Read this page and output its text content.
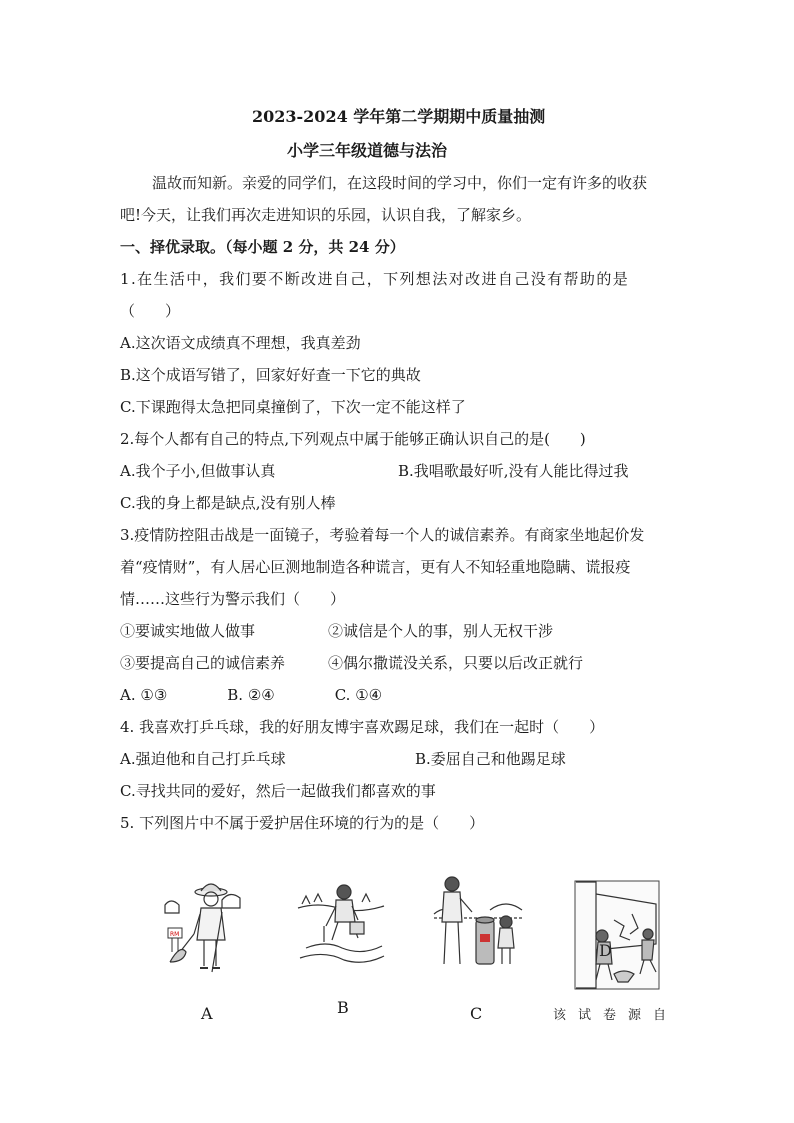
2023-2024 学年第二学期期中质量抽测
小学三年级道德与法治
温故而知新。亲爱的同学们，在这段时间的学习中，你们一定有许多的收获
吧!今天，让我们再次走进知识的乐园，认识自我，了解家乡。
一、择优录取。（每小题 2 分，共 24 分）
1.在生活中，我们要不断改进自己，下列想法对改进自己没有帮助的是
（　　）
A.这次语文成绩真不理想，我真差劲
B.这个成语写错了，回家好好查一下它的典故
C.下课跑得太急把同桌撞倒了，下次一定不能这样了
2.每个人都有自己的特点,下列观点中属于能够正确认识自己的是(　　)
A.我个子小,但做事认真	B.我唱歌最好听,没有人能比得过我
C.我的身上都是缺点,没有别人棒
3.疫情防控阻击战是一面镜子，考验着每一个人的诚信素养。有商家坐地起价发
着“疫情财”，有人居心叵测地制造各种谎言，更有人不知轻重地隐瞒、谎报疫
情……这些行为警示我们（　　）
①要诚实地做人做事	②诚信是个人的事，别人无权干涉
③要提高自己的诚信素养	④偶尔撒谎没关系，只要以后改正就行
A. ①③　　　　B. ②④　　　　C. ①④
4. 我喜欢打乒乓球，我的好朋友博宇喜欢踢足球，我们在一起时（　　）
A.强迫他和自己打乒乓球	B.委屈自己和他踢足球
C.寻找共同的爱好，然后一起做我们都喜欢的事
5. 下列图片中不属于爱护居住环境的行为的是（　　）
RM
D
A	B	C	该试卷源自
